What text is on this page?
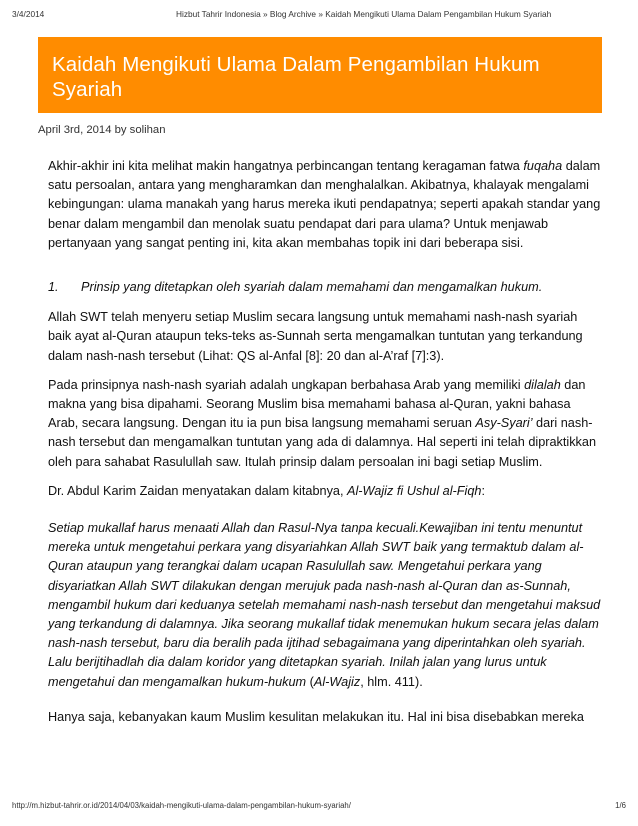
3/4/2014	Hizbut Tahrir Indonesia » Blog Archive » Kaidah Mengikuti Ulama Dalam Pengambilan Hukum Syariah
Kaidah Mengikuti Ulama Dalam Pengambilan Hukum Syariah
April 3rd, 2014 by solihan

Akhir-akhir ini kita melihat makin hangatnya perbincangan tentang keragaman fatwa fuqaha dalam satu persoalan, antara yang mengharamkan dan menghalalkan. Akibatnya, khalayak mengalami kebingungan: ulama manakah yang harus mereka ikuti pendapatnya; seperti apakah standar yang benar dalam mengambil dan menolak suatu pendapat dari para ulama? Untuk menjawab pertanyaan yang sangat penting ini, kita akan membahas topik ini dari beberapa sisi.

1. Prinsip yang ditetapkan oleh syariah dalam memahami dan mengamalkan hukum.

Allah SWT telah menyeru setiap Muslim secara langsung untuk memahami nash-nash syariah baik ayat al-Quran ataupun teks-teks as-Sunnah serta mengamalkan tuntutan yang terkandung dalam nash-nash tersebut (Lihat: QS al-Anfal [8]: 20 dan al-A’raf [7]:3).

Pada prinsipnya nash-nash syariah adalah ungkapan berbahasa Arab yang memiliki dilalah dan makna yang bisa dipahami. Seorang Muslim bisa memahami bahasa al-Quran, yakni bahasa Arab, secara langsung. Dengan itu ia pun bisa langsung memahami seruan Asy-Syari’ dari nash-nash tersebut dan mengamalkan tuntutan yang ada di dalamnya. Hal seperti ini telah dipraktikkan oleh para sahabat Rasulullah saw. Itulah prinsip dalam persoalan ini bagi setiap Muslim.

Dr. Abdul Karim Zaidan menyatakan dalam kitabnya, Al-Wajiz fi Ushul al-Fiqh:

Setiap mukallaf harus menaati Allah dan Rasul-Nya tanpa kecuali.Kewajiban ini tentu menuntut mereka untuk mengetahui perkara yang disyariahkan Allah SWT baik yang termaktub dalam al-Quran ataupun yang terangkai dalam ucapan Rasulullah saw. Mengetahui perkara yang disyariatkan Allah SWT dilakukan dengan merujuk pada nash-nash al-Quran dan as-Sunnah, mengambil hukum dari keduanya setelah memahami nash-nash tersebut dan mengetahui maksud yang terkandung di dalamnya. Jika seorang mukallaf tidak menemukan hukum secara jelas dalam nash-nash tersebut, baru dia beralih pada ijtihad sebagaimana yang diperintahkan oleh syariah. Lalu berijtihadlah dia dalam koridor yang ditetapkan syariah. Inilah jalan yang lurus untuk mengetahui dan mengamalkan hukum-hukum (Al-Wajiz, hlm. 411).

Hanya saja, kebanyakan kaum Muslim kesulitan melakukan itu. Hal ini bisa disebabkan mereka

http://m.hizbut-tahrir.or.id/2014/04/03/kaidah-mengikuti-ulama-dalam-pengambilan-hukum-syariah/	1/6
